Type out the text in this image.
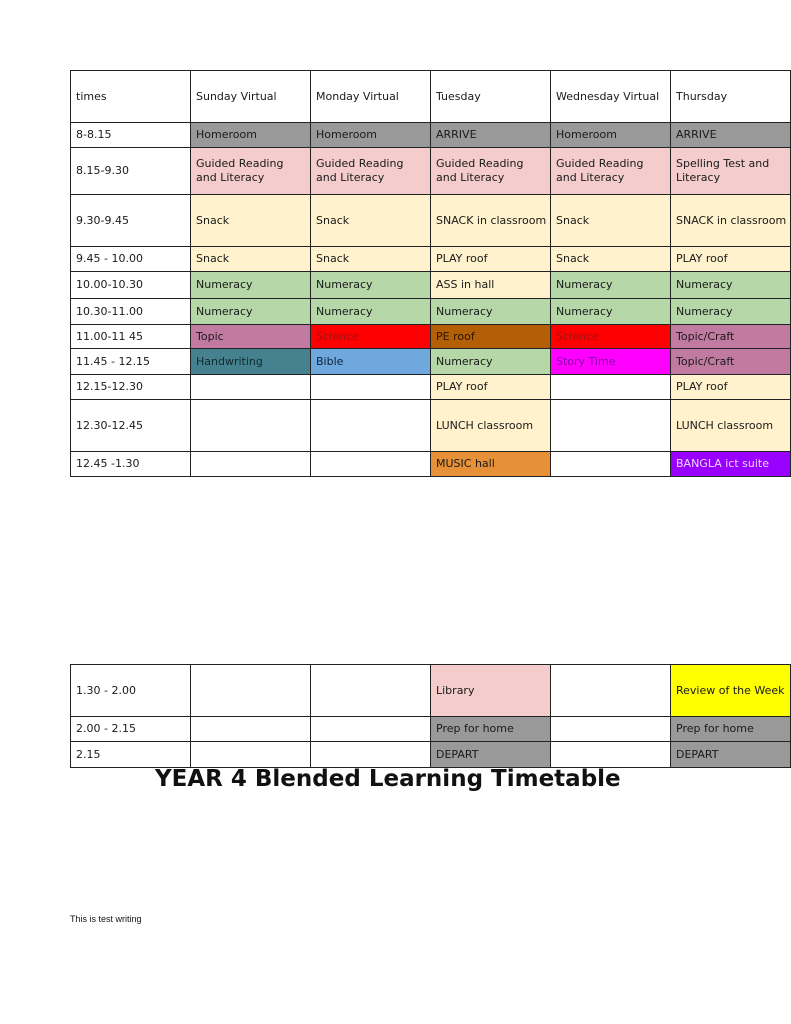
times	Sunday Virtual	Monday Virtual	Tuesday	Wednesday Virtual	Thursday
8-8.15	Homeroom	Homeroom	ARRIVE	Homeroom	ARRIVE
8.15-9.30	Guided Reading and Literacy	Guided Reading and Literacy	Guided Reading and Literacy	Guided Reading and Literacy	Spelling Test and Literacy
9.30-9.45	Snack	Snack	SNACK in classroom	Snack	SNACK in classroom
9.45 - 10.00	Snack	Snack	PLAY roof	Snack	PLAY roof
10.00-10.30	Numeracy	Numeracy	ASS in hall	Numeracy	Numeracy
10.30-11.00	Numeracy	Numeracy	Numeracy	Numeracy	Numeracy
11.00-11 45	Topic	Science	PE roof	Science	Topic/Craft
11.45 - 12.15	Handwriting	Bible	Numeracy	Story Time	Topic/Craft
12.15-12.30			PLAY roof		PLAY roof
12.30-12.45			LUNCH classroom		LUNCH classroom
12.45 -1.30			MUSIC hall		BANGLA ict suite
1.30 - 2.00			Library		Review of the Week
2.00 - 2.15			Prep for home		Prep for home
2.15			DEPART		DEPART
YEAR 4 Blended Learning Timetable
This is test writing
